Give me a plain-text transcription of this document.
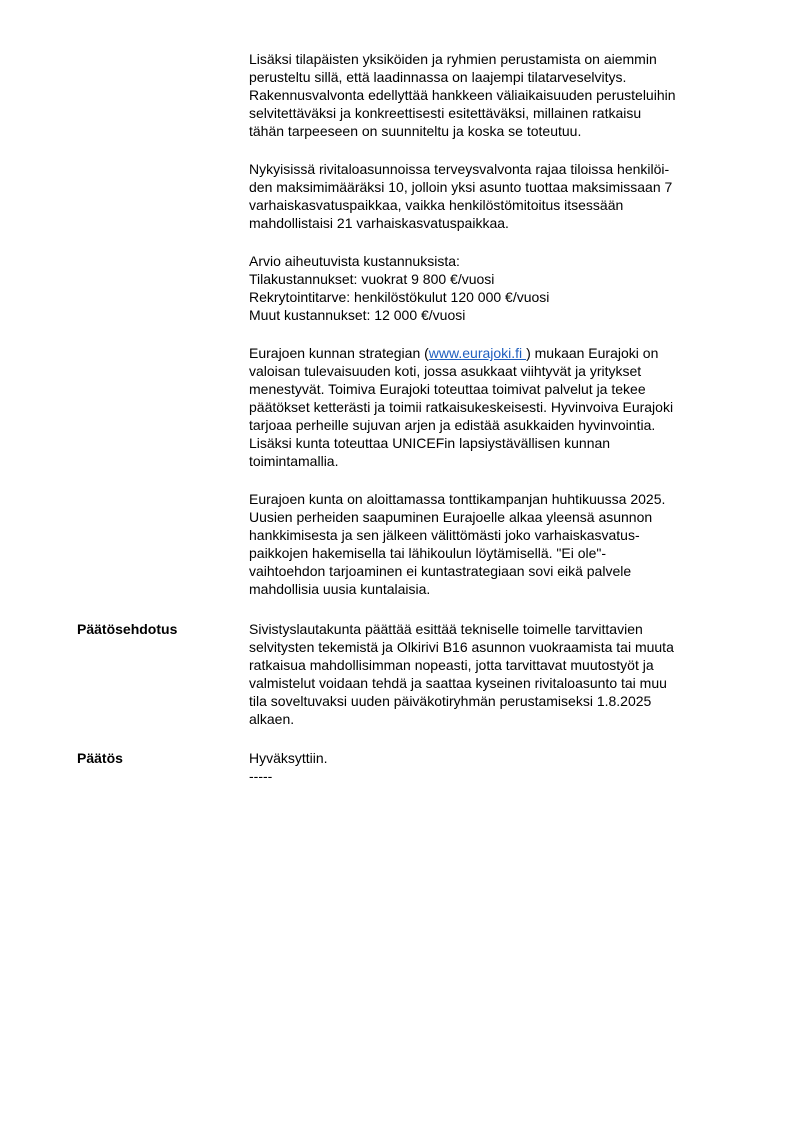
Lisäksi tilapäisten yksiköiden ja ryhmien perustamista on aiemmin
perusteltu sillä, että laadinnassa on laajempi tilatarveselvitys.
Rakennusvalvonta edellyttää hankkeen väliaikaisuuden perusteluihin
selvitettäväksi ja konkreettisesti esitettäväksi, millainen ratkaisu
tähän tarpeeseen on suunniteltu ja koska se toteutuu.

Nykyisissä rivitaloasunnoissa terveysvalvonta rajaa tiloissa henkilöi-
den maksimimääräksi 10, jolloin yksi asunto tuottaa maksimissaan 7
varhaiskasvatuspaikkaa, vaikka henkilöstömitoitus itsessään
mahdollistaisi 21 varhaiskasvatuspaikkaa.

Arvio aiheutuvista kustannuksista:
Tilakustannukset: vuokrat 9 800 €/vuosi
Rekrytointitarve: henkilöstökulut 120 000 €/vuosi
Muut kustannukset: 12 000 €/vuosi

Eurajoen kunnan strategian (www.eurajoki.fi ) mukaan Eurajoki on
valoisan tulevaisuuden koti, jossa asukkaat viihtyvät ja yritykset
menestyvät. Toimiva Eurajoki toteuttaa toimivat palvelut ja tekee
päätökset ketterästi ja toimii ratkaisukeskeisesti. Hyvinvoiva Eurajoki
tarjoaa perheille sujuvan arjen ja edistää asukkaiden hyvinvointia.
Lisäksi kunta toteuttaa UNICEFin lapsiystävällisen kunnan
toimintamallia.

Eurajoen kunta on aloittamassa tonttikampanjan huhtikuussa 2025.
Uusien perheiden saapuminen Eurajoelle alkaa yleensä asunnon
hankkimisesta ja sen jälkeen välittömästi joko varhaiskasvatus-
paikkojen hakemisella tai lähikoulun löytämisellä. "Ei ole"-
vaihtoehdon tarjoaminen ei kuntastrategiaan sovi eikä palvele
mahdollisia uusia kuntalaisia.

Päätösehdotus	Sivistyslautakunta päättää esittää tekniselle toimelle tarvittavien
selvitysten tekemistä ja Olkirivi B16 asunnon vuokraamista tai muuta
ratkaisua mahdollisimman nopeasti, jotta tarvittavat muutostyöt ja
valmistelut voidaan tehdä ja saattaa kyseinen rivitaloasunto tai muu
tila soveltuvaksi uuden päiväkotiryhmän perustamiseksi 1.8.2025
alkaen.

Päätös	Hyväksyttiin.
-----
